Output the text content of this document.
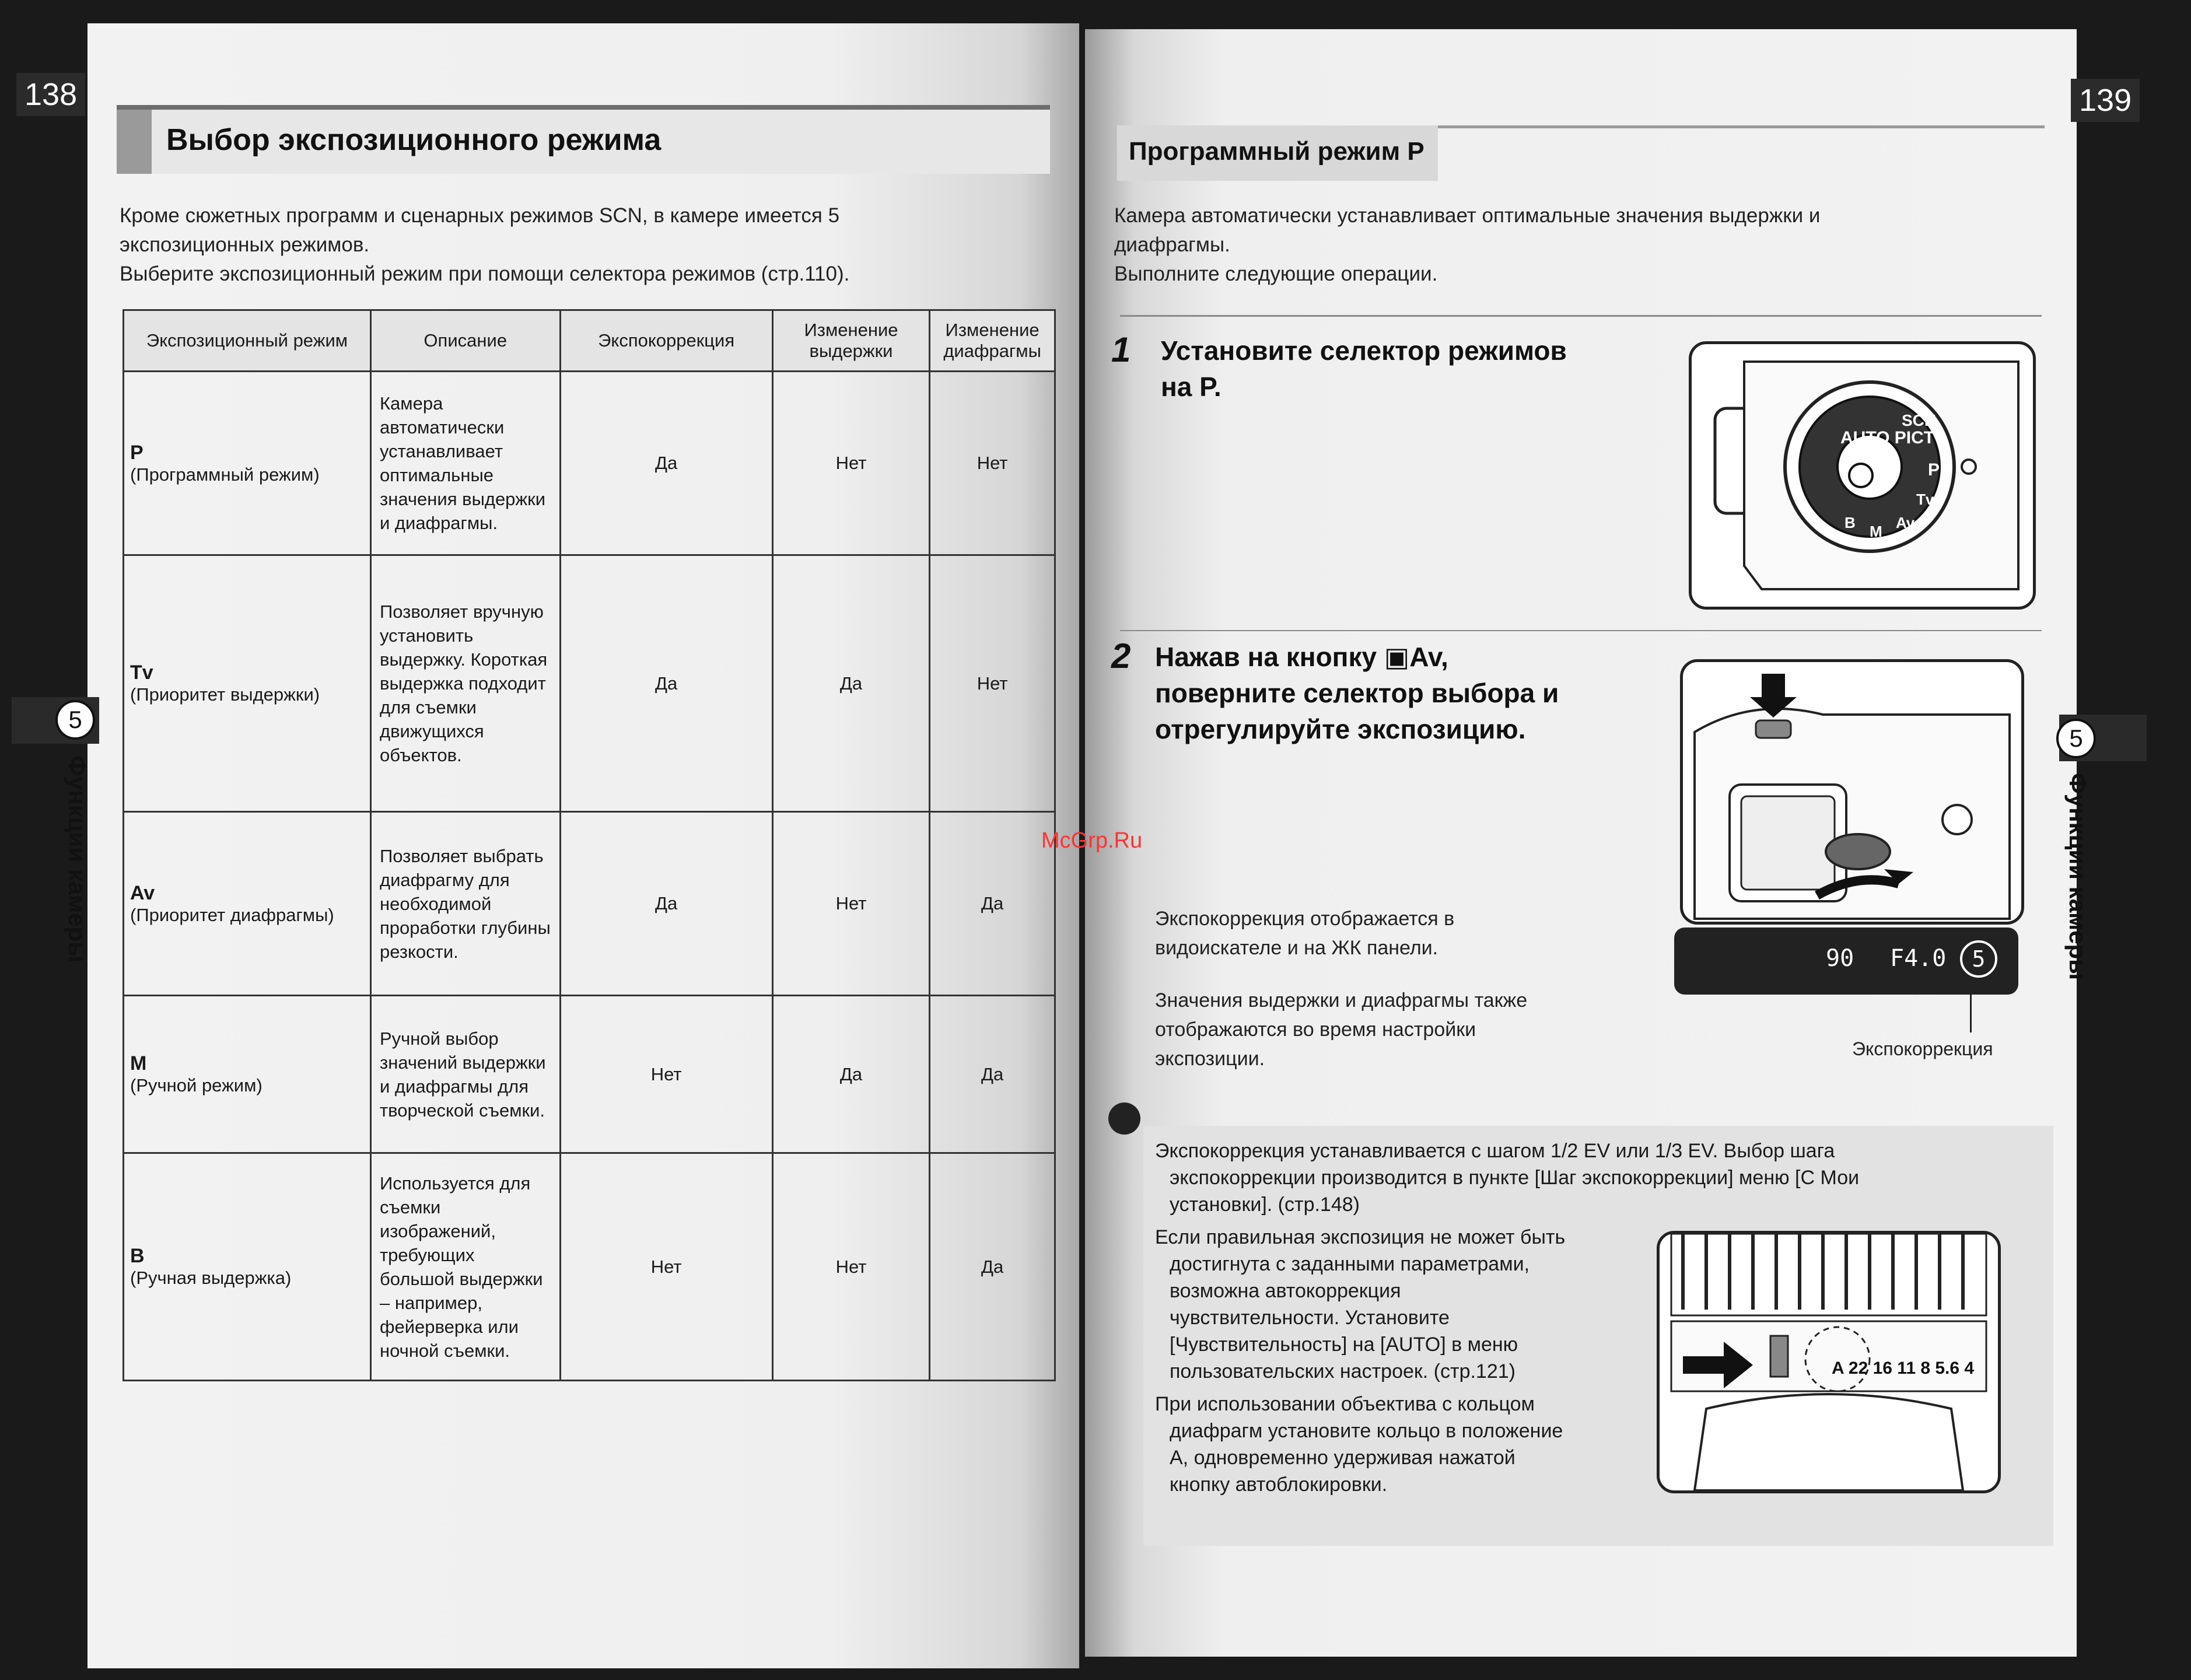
Выбор экспозиционного режима
Кроме сюжетных программ и сценарных режимов SCN, в камере имеется 5
экспозиционных режимов.
Выберите экспозиционный режим при помощи селектора режимов (стр.110).
Экспозиционный режим	Описание	Экспокоррекция	Изменение выдержки	Изменение диафрагмы

P
(Программный режим)	Камера автоматически устанавливает оптимальные значения выдержки и диафрагмы.	Да	Нет	Нет

Tv
(Приоритет выдержки)	Позволяет вручную установить выдержку. Короткая выдержка подходит для съемки движущихся объектов.	Да	Да	Нет

Av
(Приоритет диафрагмы)	Позволяет выбрать диафрагму для необходимой проработки глубины резкости.	Да	Нет	Да

M
(Ручной режим)	Ручной выбор значений выдержки и диафрагмы для творческой съемки.	Нет	Да	Да

B
(Ручная выдержка)	Используется для съемки изображений, требующих большой выдержки – например, фейерверка или ночной съемки.	Нет	Нет	Да
138
5
Функции камеры
Программный режим P
Камера автоматически устанавливает оптимальные значения выдержки и
диафрагмы.
Выполните следующие операции.
1 Установите селектор режимов
на P.
AUTO PICT
SCN
P
Tv
Av
M
B
2 Нажав на кнопку ▣Av,
поверните селектор выбора и
отрегулируйте экспозицию.
Экспокоррекция отображается в
видоискателе и на ЖК панели.
Значения выдержки и диафрагмы также
отображаются во время настройки
экспозиции.
90 F4.0	5
Экспокоррекция
Экспокоррекция устанавливается с шагом 1/2 EV или 1/3 EV. Выбор шага
экспокоррекции производится в пункте [Шаг экспокоррекции] меню [C Мои
установки]. (стр.148)
Если правильная экспозиция не может быть
достигнута с заданными параметрами,
возможна автокоррекция
чувствительности. Установите
[Чувствительность] на [AUTO] в меню
пользовательских настроек. (стр.121)
При использовании объектива с кольцом
диафрагм установите кольцо в положение
A, одновременно удерживая нажатой
кнопку автоблокировки.
A 22 16 11 8 5.6 4
McGrp.Ru
139
5
Функции камеры
